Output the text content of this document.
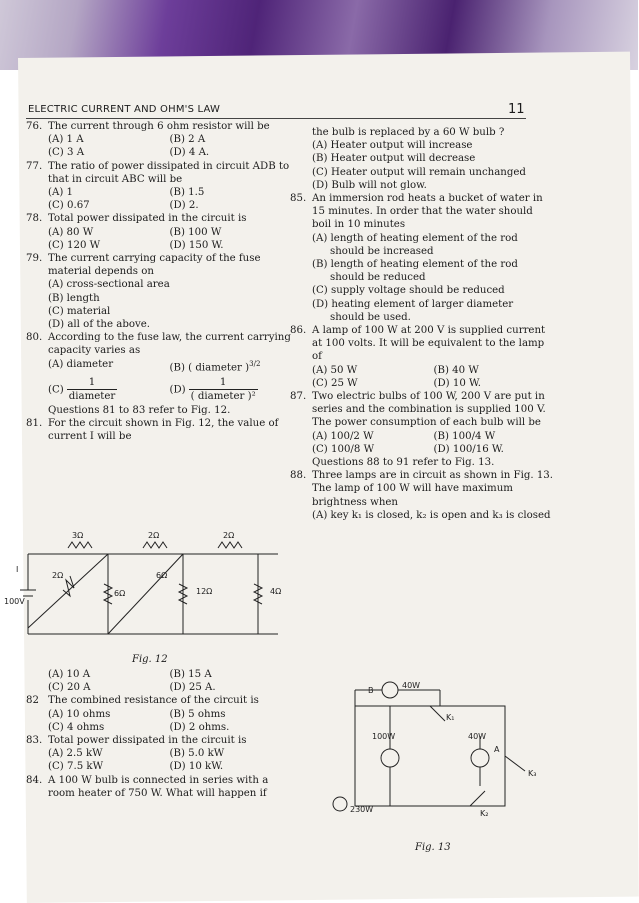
ELECTRIC CURRENT AND OHM'S LAW	11
76. The current through 6 ohm resistor will be
(A) 1 A	(B) 2 A
(C) 3 A	(D) 4 A.
77. The ratio of power dissipated in circuit ADB to that in circuit ABC will be
(A) 1	(B) 1.5
(C) 0.67	(D) 2.
78. Total power dissipated in the circuit is
(A) 80 W	(B) 100 W
(C) 120 W	(D) 150 W.
79. The current carrying capacity of the fuse material depends on
(A) cross-sectional area
(B) length
(C) material
(D) all of the above.
80. According to the fuse law, the current carrying capacity varies as
(A) diameter	(B) ( diameter )$^{3/2}$
$(C) \frac{1}{\text{diameter}}$	$(D) \frac{1}{\text{( diameter )²}}$
Questions 81 to 83 refer to Fig. 12.
81. For the circuit shown in Fig. 12, the value of current I will be
3Ω	2Ω	2Ω
2Ω
6Ω
6Ω
12Ω	4Ω
100V
I
Fig. 12
(A) 10 A	(B) 15 A
(C) 20 A	(D) 25 A.
82 The combined resistance of the circuit is
(A) 10 ohms	(B) 5 ohms
(C) 4 ohms	(D) 2 ohms.
83. Total power dissipated in the circuit is
(A) 2.5 kW	(B) 5.0 kW
(C) 7.5 kW	(D) 10 kW.
84. A 100 W bulb is connected in series with a room heater of 750 W. What will happen if
the bulb is replaced by a 60 W bulb ?
(A) Heater output will increase
(B) Heater output will decrease
(C) Heater output will remain unchanged
(D) Bulb will not glow.
85. An immersion rod heats a bucket of water in 15 minutes. In order that the water should boil in 10 minutes
(A) length of heating element of the rod
should be increased
(B) length of heating element of the rod
should be reduced
(C) supply voltage should be reduced
(D) heating element of larger diameter
should be used.
86. A lamp of 100 W at 200 V is supplied current at 100 volts. It will be equivalent to the lamp of
(A) 50 W	(B) 40 W
(C) 25 W	(D) 10 W.
87. Two electric bulbs of 100 W, 200 V are put in series and the combination is supplied 100 V. The power consumption of each bulb will be
(A) 100/2 W	(B) 100/4 W
(C) 100/8 W	(D) 100/16 W.
Questions 88 to 91 refer to Fig. 13.
88. Three lamps are in circuit as shown in Fig. 13. The lamp of 100 W will have maximum brightness when
(A) key k₁ is closed, k₂ is open and k₃ is closed
B
40W
100W	40W
A
K₁
K₂
K₃
230W
Fig. 13
